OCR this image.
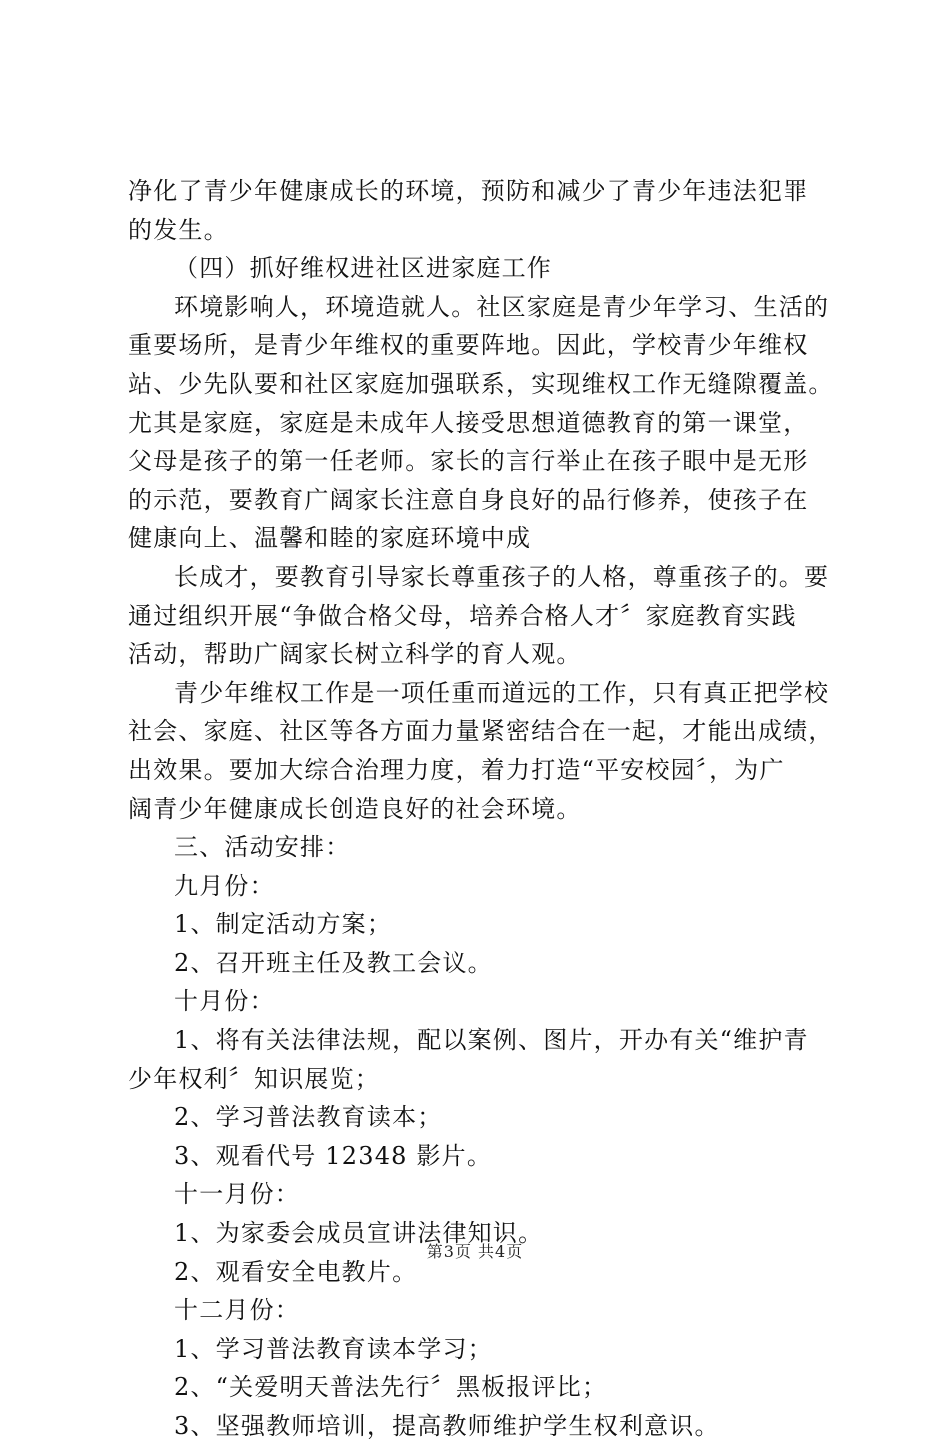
净化了青少年健康成长的环境，预防和减少了青少年违法犯罪
的发生。
（四）抓好维权进社区进家庭工作
环境影响人，环境造就人。社区家庭是青少年学习、生活的
重要场所，是青少年维权的重要阵地。因此，学校青少年维权
站、少先队要和社区家庭加强联系，实现维权工作无缝隙覆盖。
尤其是家庭，家庭是未成年人接受思想道德教育的第一课堂，
父母是孩子的第一任老师。家长的言行举止在孩子眼中是无形
的示范，要教育广阔家长注意自身良好的品行修养，使孩子在
健康向上、温馨和睦的家庭环境中成
长成才，要教育引导家长尊重孩子的人格，尊重孩子的。要
通过组织开展“争做合格父母，培养合格人才〞家庭教育实践
活动，帮助广阔家长树立科学的育人观。
青少年维权工作是一项任重而道远的工作，只有真正把学校
社会、家庭、社区等各方面力量紧密结合在一起，才能出成绩，
出效果。要加大综合治理力度，着力打造“平安校园〞，为广
阔青少年健康成长创造良好的社会环境。
三、活动安排：
九月份：
1、制定活动方案；
2、召开班主任及教工会议。
十月份：
1、将有关法律法规，配以案例、图片，开办有关“维护青
少年权利〞知识展览；
2、学习普法教育读本；
3、观看代号 12348 影片。
十一月份：
1、为家委会成员宣讲法律知识。
2、观看安全电教片。
十二月份：
1、学习普法教育读本学习；
2、“关爱明天普法先行〞黑板报评比；
3、坚强教师培训，提高教师维护学生权利意识。
第3页 共4页
